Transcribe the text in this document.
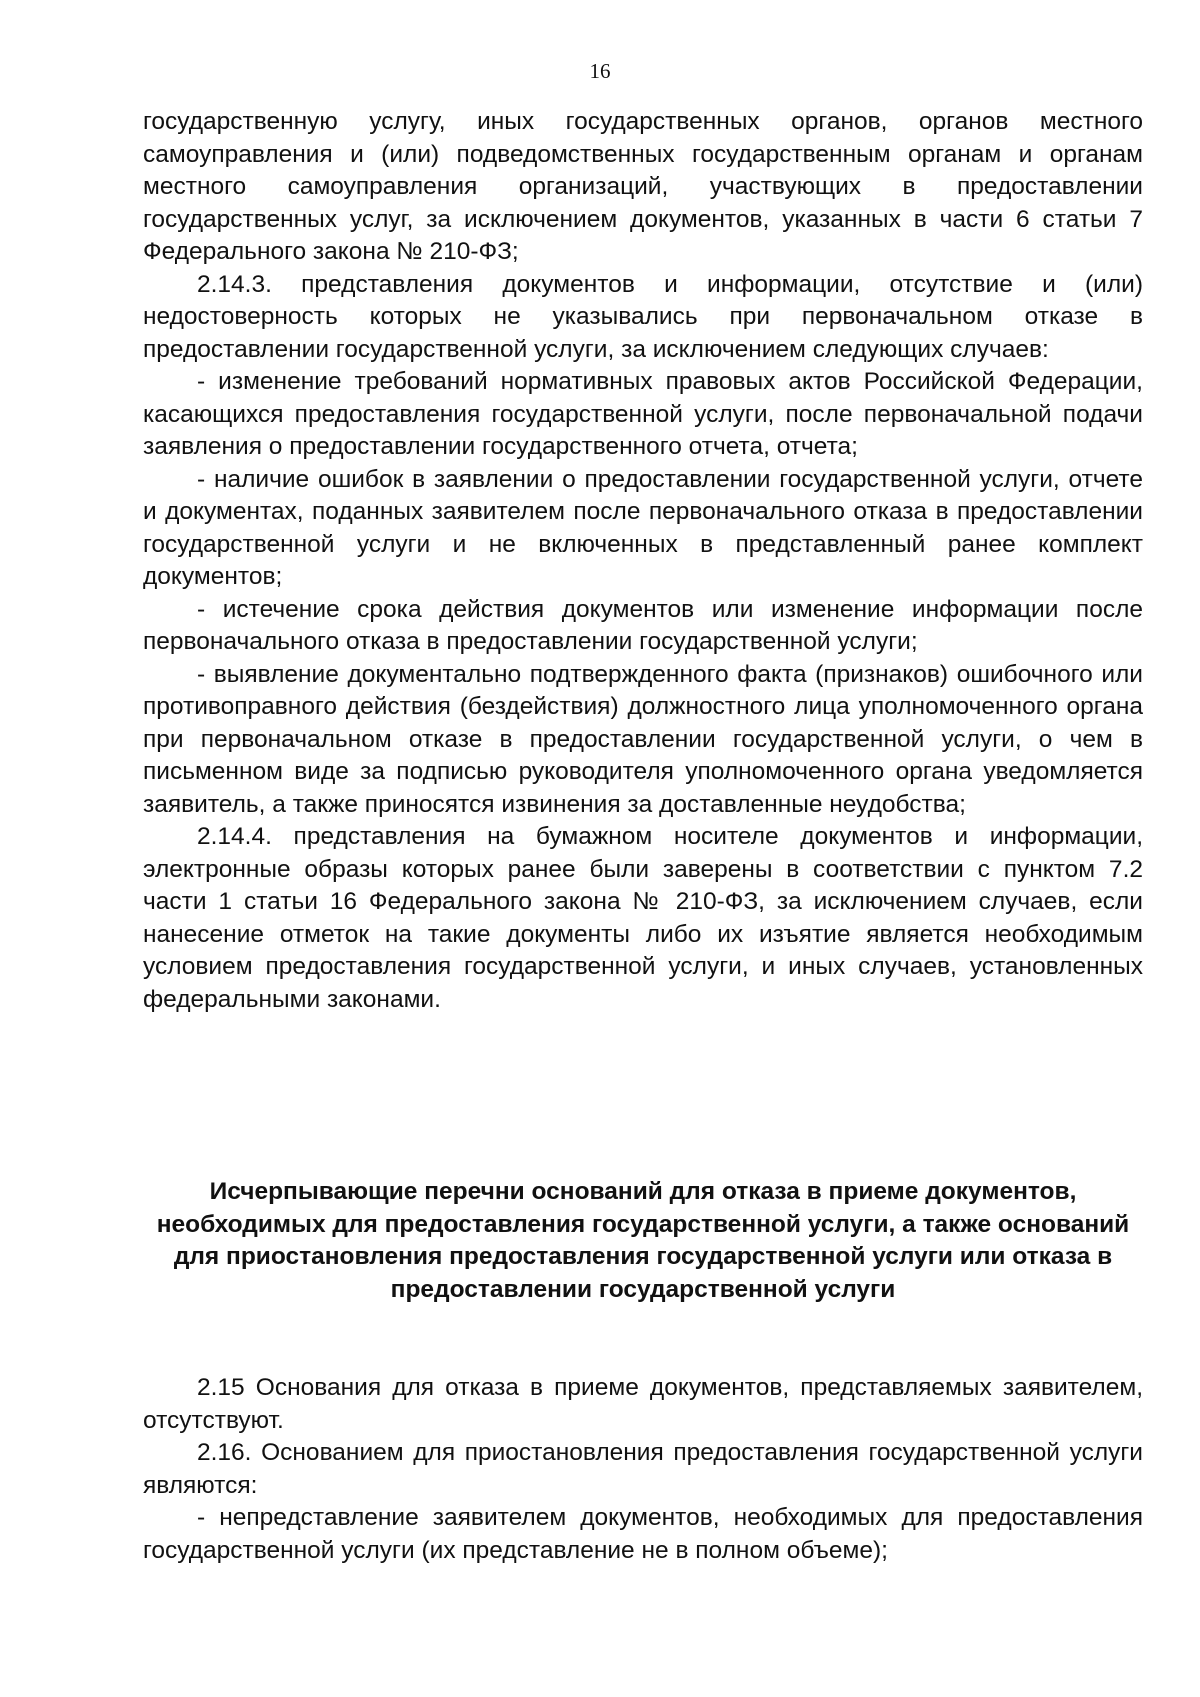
16

государственную услугу, иных государственных органов, органов местного самоуправления и (или) подведомственных государственным органам и органам местного самоуправления организаций, участвующих в предоставлении государственных услуг, за исключением документов, указанных в части 6 статьи 7 Федерального закона № 210-ФЗ;

2.14.3. представления документов и информации, отсутствие и (или) недостоверность которых не указывались при первоначальном отказе в предоставлении государственной услуги, за исключением следующих случаев:

- изменение требований нормативных правовых актов Российской Федерации, касающихся предоставления государственной услуги, после первоначальной подачи заявления о предоставлении государственного отчета, отчета;

- наличие ошибок в заявлении о предоставлении государственной услуги, отчете и документах, поданных заявителем после первоначального отказа в предоставлении государственной услуги и не включенных в представленный ранее комплект документов;

- истечение срока действия документов или изменение информации после первоначального отказа в предоставлении государственной услуги;

- выявление документально подтвержденного факта (признаков) ошибочного или противоправного действия (бездействия) должностного лица уполномоченного органа при первоначальном отказе в предоставлении государственной услуги, о чем в письменном виде за подписью руководителя уполномоченного органа уведомляется заявитель, а также приносятся извинения за доставленные неудобства;

2.14.4. представления на бумажном носителе документов и информации, электронные образы которых ранее были заверены в соответствии с пунктом 7.2 части 1 статьи 16 Федерального закона № 210-ФЗ, за исключением случаев, если нанесение отметок на такие документы либо их изъятие является необходимым условием предоставления государственной услуги, и иных случаев, установленных федеральными законами.

Исчерпывающие перечни оснований для отказа в приеме документов, необходимых для предоставления государственной услуги, а также оснований для приостановления предоставления государственной услуги или отказа в предоставлении государственной услуги

2.15 Основания для отказа в приеме документов, представляемых заявителем, отсутствуют.

2.16. Основанием для приостановления предоставления государственной услуги являются:

- непредставление заявителем документов, необходимых для предоставления государственной услуги (их представление не в полном объеме);
